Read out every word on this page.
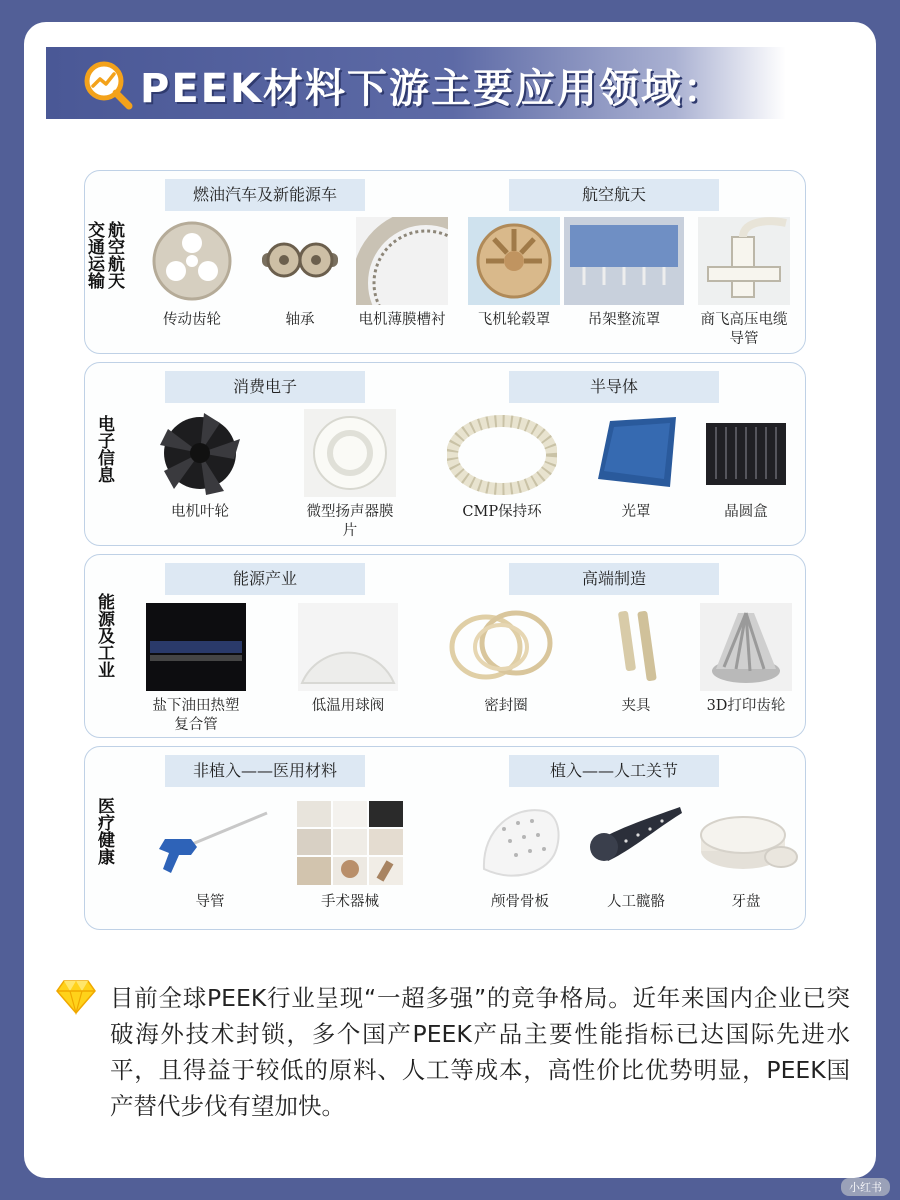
PEEK材料下游主要应用领域：
交通运输航空航天
燃油汽车及新能源车	航空航天
传动齿轮	轴承	电机薄膜槽衬	飞机轮毂罩	吊架整流罩	商飞高压电缆导管
电子信息
消费电子	半导体
电机叶轮	微型扬声器膜片
CMP保持环	光罩	晶圆盒
能源及工业
能源产业	高端制造
盐下油田热塑复合管
低温用球阀	密封圈	夹具	3D打印齿轮
医疗健康
非植入——医用材料	植入——人工关节
导管	手术器械	颅骨骨板	人工髋骼	牙盘
目前全球PEEK行业呈现“一超多强”的竞争格局。近年来国内企业已突破海外技术封锁，多个国产PEEK产品主要性能指标已达国际先进水平，且得益于较低的原料、人工等成本，高性价比优势明显，PEEK国产替代步伐有望加快。
小红书
